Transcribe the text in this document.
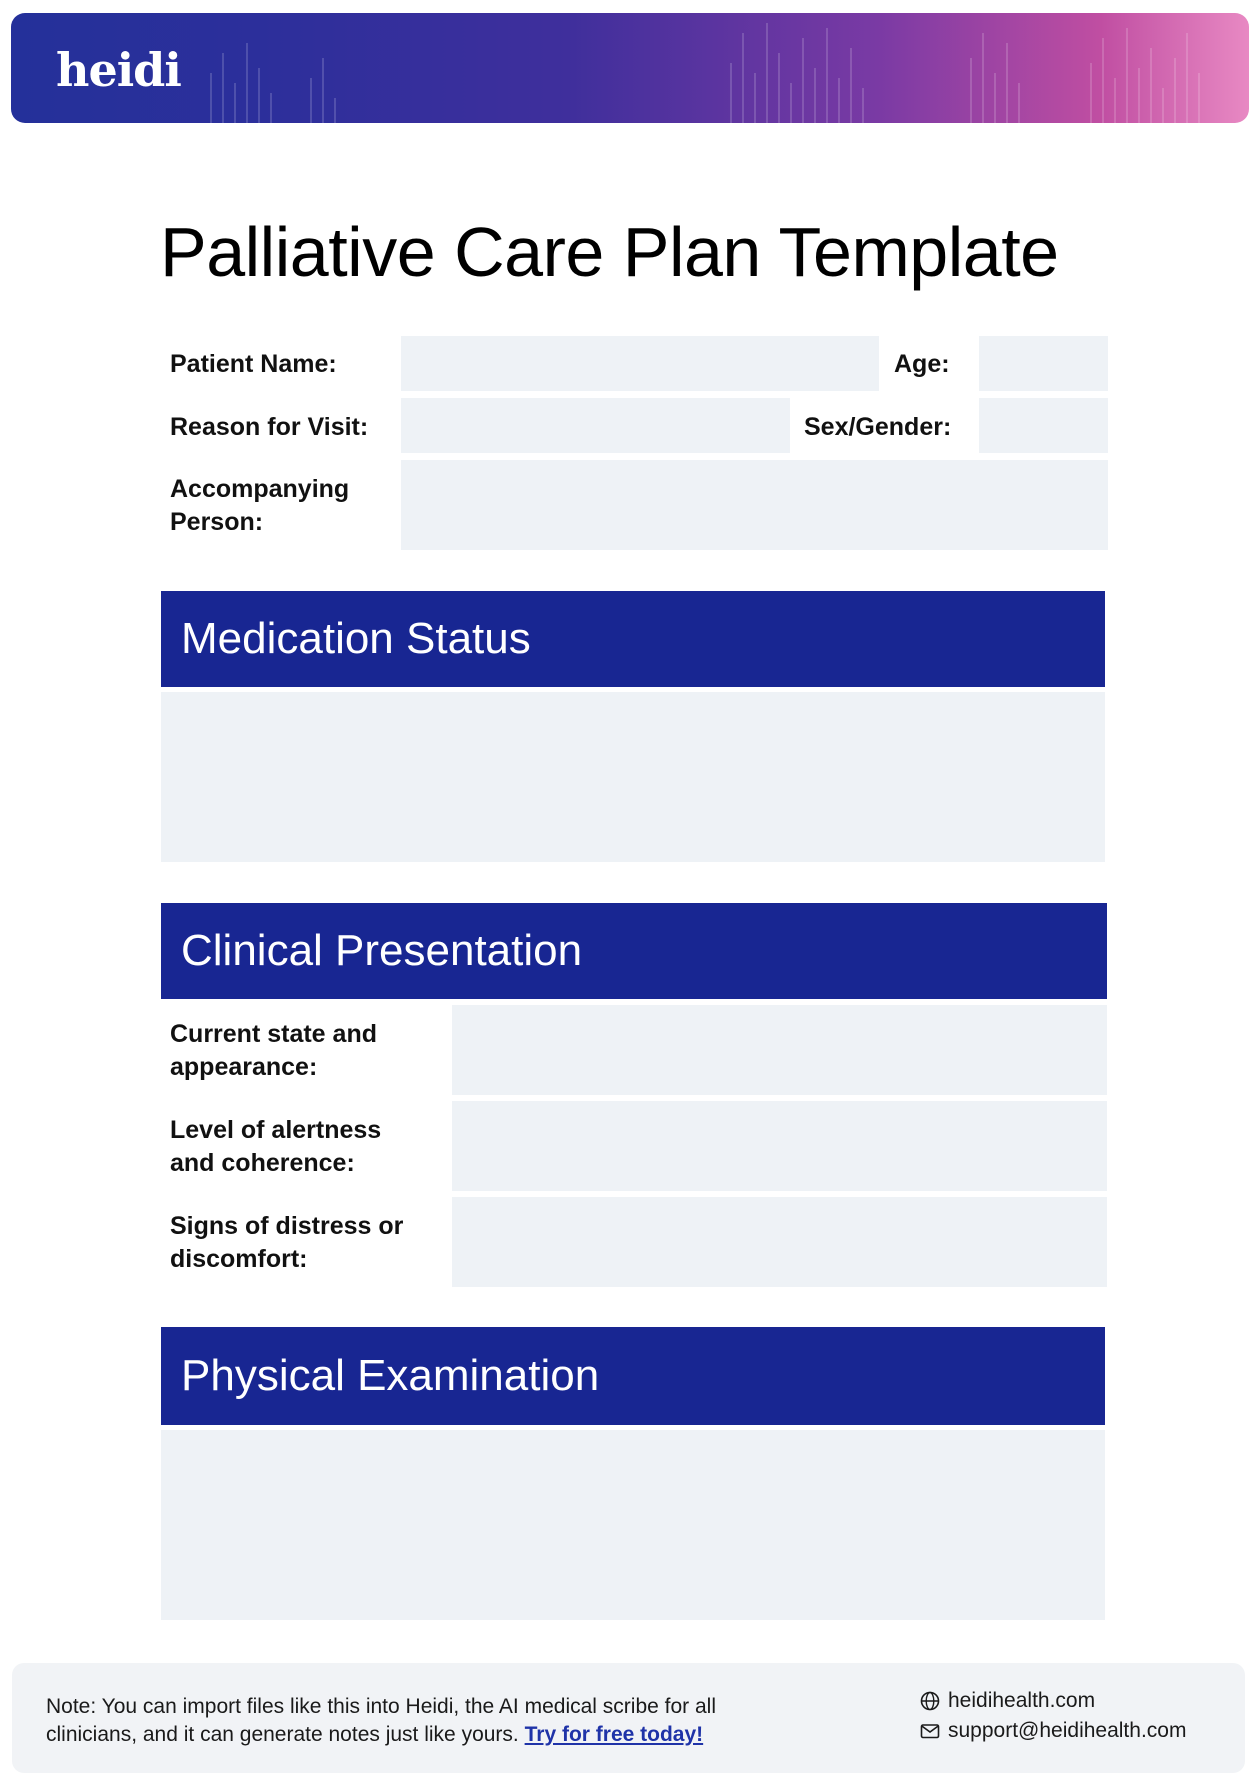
heidi
Palliative Care Plan Template
Patient Name:	Age:
Reason for Visit:	Sex/Gender:
Accompanying
Person:
Medication Status
Clinical Presentation
Current state and
appearance:
Level of alertness
and coherence:
Signs of distress or
discomfort:
Physical Examination
Note: You can import files like this into Heidi, the AI medical scribe for all clinicians, and it can generate notes just like yours. Try for free today!
heidihealth.com
support@heidihealth.com
